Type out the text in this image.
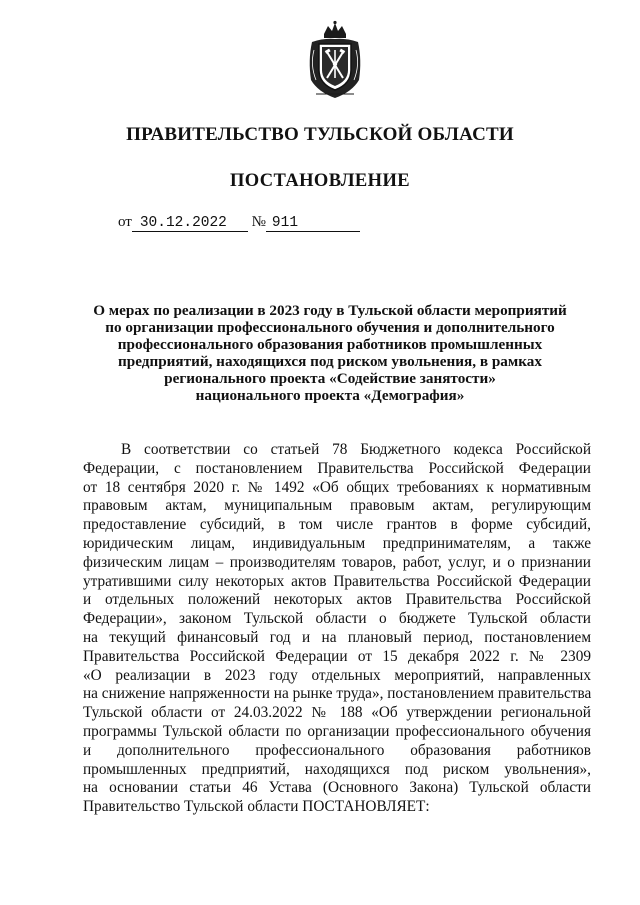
ПРАВИТЕЛЬСТВО ТУЛЬСКОЙ ОБЛАСТИ
ПОСТАНОВЛЕНИЕ
от 30.12.2022 № 911
О мерах по реализации в 2023 году в Тульской области мероприятий
по организации профессионального обучения и дополнительного
профессионального образования работников промышленных
предприятий, находящихся под риском увольнения, в рамках
регионального проекта «Содействие занятости»
национального проекта «Демография»
В соответствии со статьей 78 Бюджетного кодекса Российской
Федерации, с постановлением Правительства Российской Федерации
от 18 сентября 2020 г. № 1492 «Об общих требованиях к нормативным
правовым актам, муниципальным правовым актам, регулирующим
предоставление субсидий, в том числе грантов в форме субсидий,
юридическим лицам, индивидуальным предпринимателям, а также
физическим лицам – производителям товаров, работ, услуг, и о признании
утратившими силу некоторых актов Правительства Российской Федерации
и отдельных положений некоторых актов Правительства Российской
Федерации», законом Тульской области о бюджете Тульской области
на текущий финансовый год и на плановый период, постановлением
Правительства Российской Федерации от 15 декабря 2022 г. № 2309
«О реализации в 2023 году отдельных мероприятий, направленных
на снижение напряженности на рынке труда», постановлением правительства
Тульской области от 24.03.2022 № 188 «Об утверждении региональной
программы Тульской области по организации профессионального обучения
и дополнительного профессионального образования работников
промышленных предприятий, находящихся под риском увольнения»,
на основании статьи 46 Устава (Основного Закона) Тульской области
Правительство Тульской области ПОСТАНОВЛЯЕТ:
